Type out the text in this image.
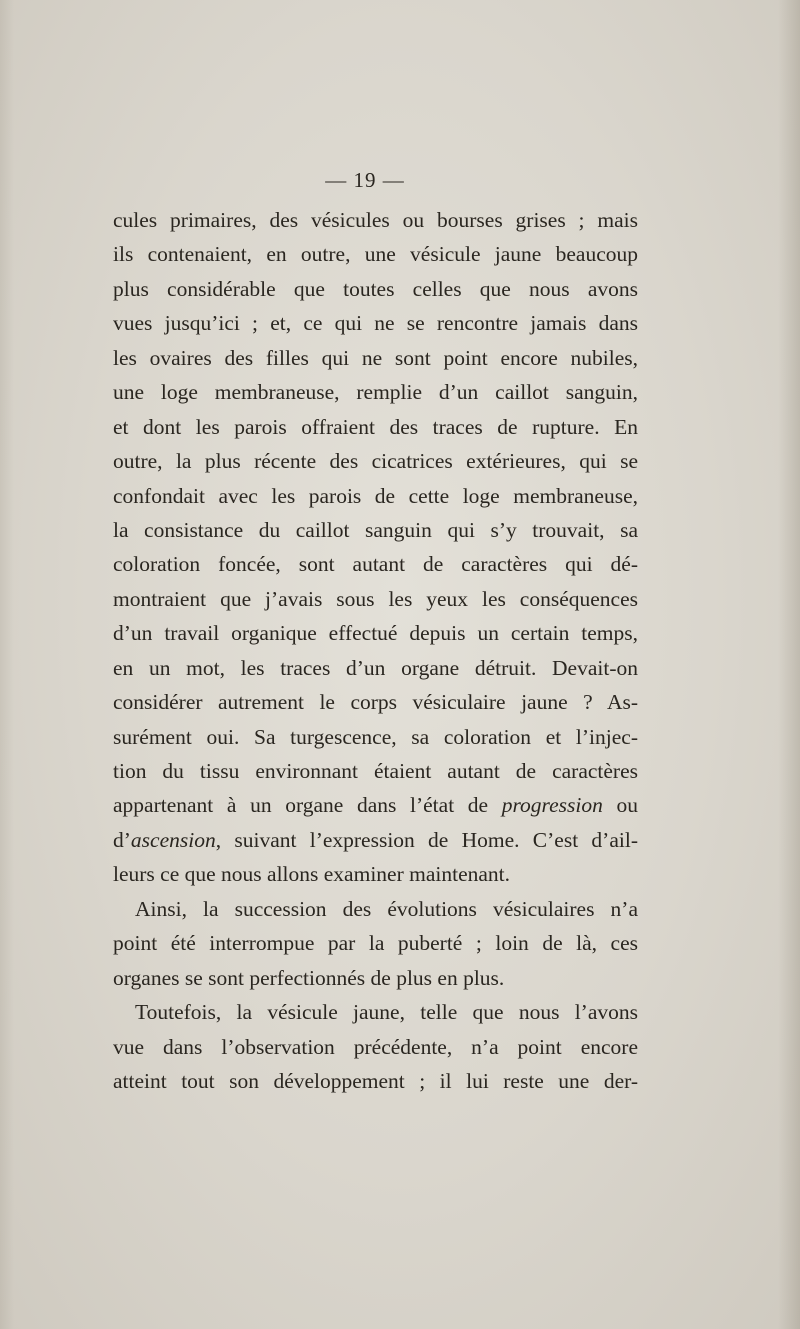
— 19 —
cules primaires, des vésicules ou bourses grises ; mais
ils contenaient, en outre, une vésicule jaune beaucoup
plus considérable que toutes celles que nous avons
vues jusqu’ici ; et, ce qui ne se rencontre jamais dans
les ovaires des filles qui ne sont point encore nubiles,
une loge membraneuse, remplie d’un caillot sanguin,
et dont les parois offraient des traces de rupture. En
outre, la plus récente des cicatrices extérieures, qui se
confondait avec les parois de cette loge membraneuse,
la consistance du caillot sanguin qui s’y trouvait, sa
coloration foncée, sont autant de caractères qui dé-
montraient que j’avais sous les yeux les conséquences
d’un travail organique effectué depuis un certain temps,
en un mot, les traces d’un organe détruit. Devait-on
considérer autrement le corps vésiculaire jaune ? As-
surément oui. Sa turgescence, sa coloration et l’injec-
tion du tissu environnant étaient autant de caractères
appartenant à un organe dans l’état de progression ou
d’ascension, suivant l’expression de Home. C’est d’ail-
leurs ce que nous allons examiner maintenant.
Ainsi, la succession des évolutions vésiculaires n’a
point été interrompue par la puberté ; loin de là, ces
organes se sont perfectionnés de plus en plus.
Toutefois, la vésicule jaune, telle que nous l’avons
vue dans l’observation précédente, n’a point encore
atteint tout son développement ; il lui reste une der-
